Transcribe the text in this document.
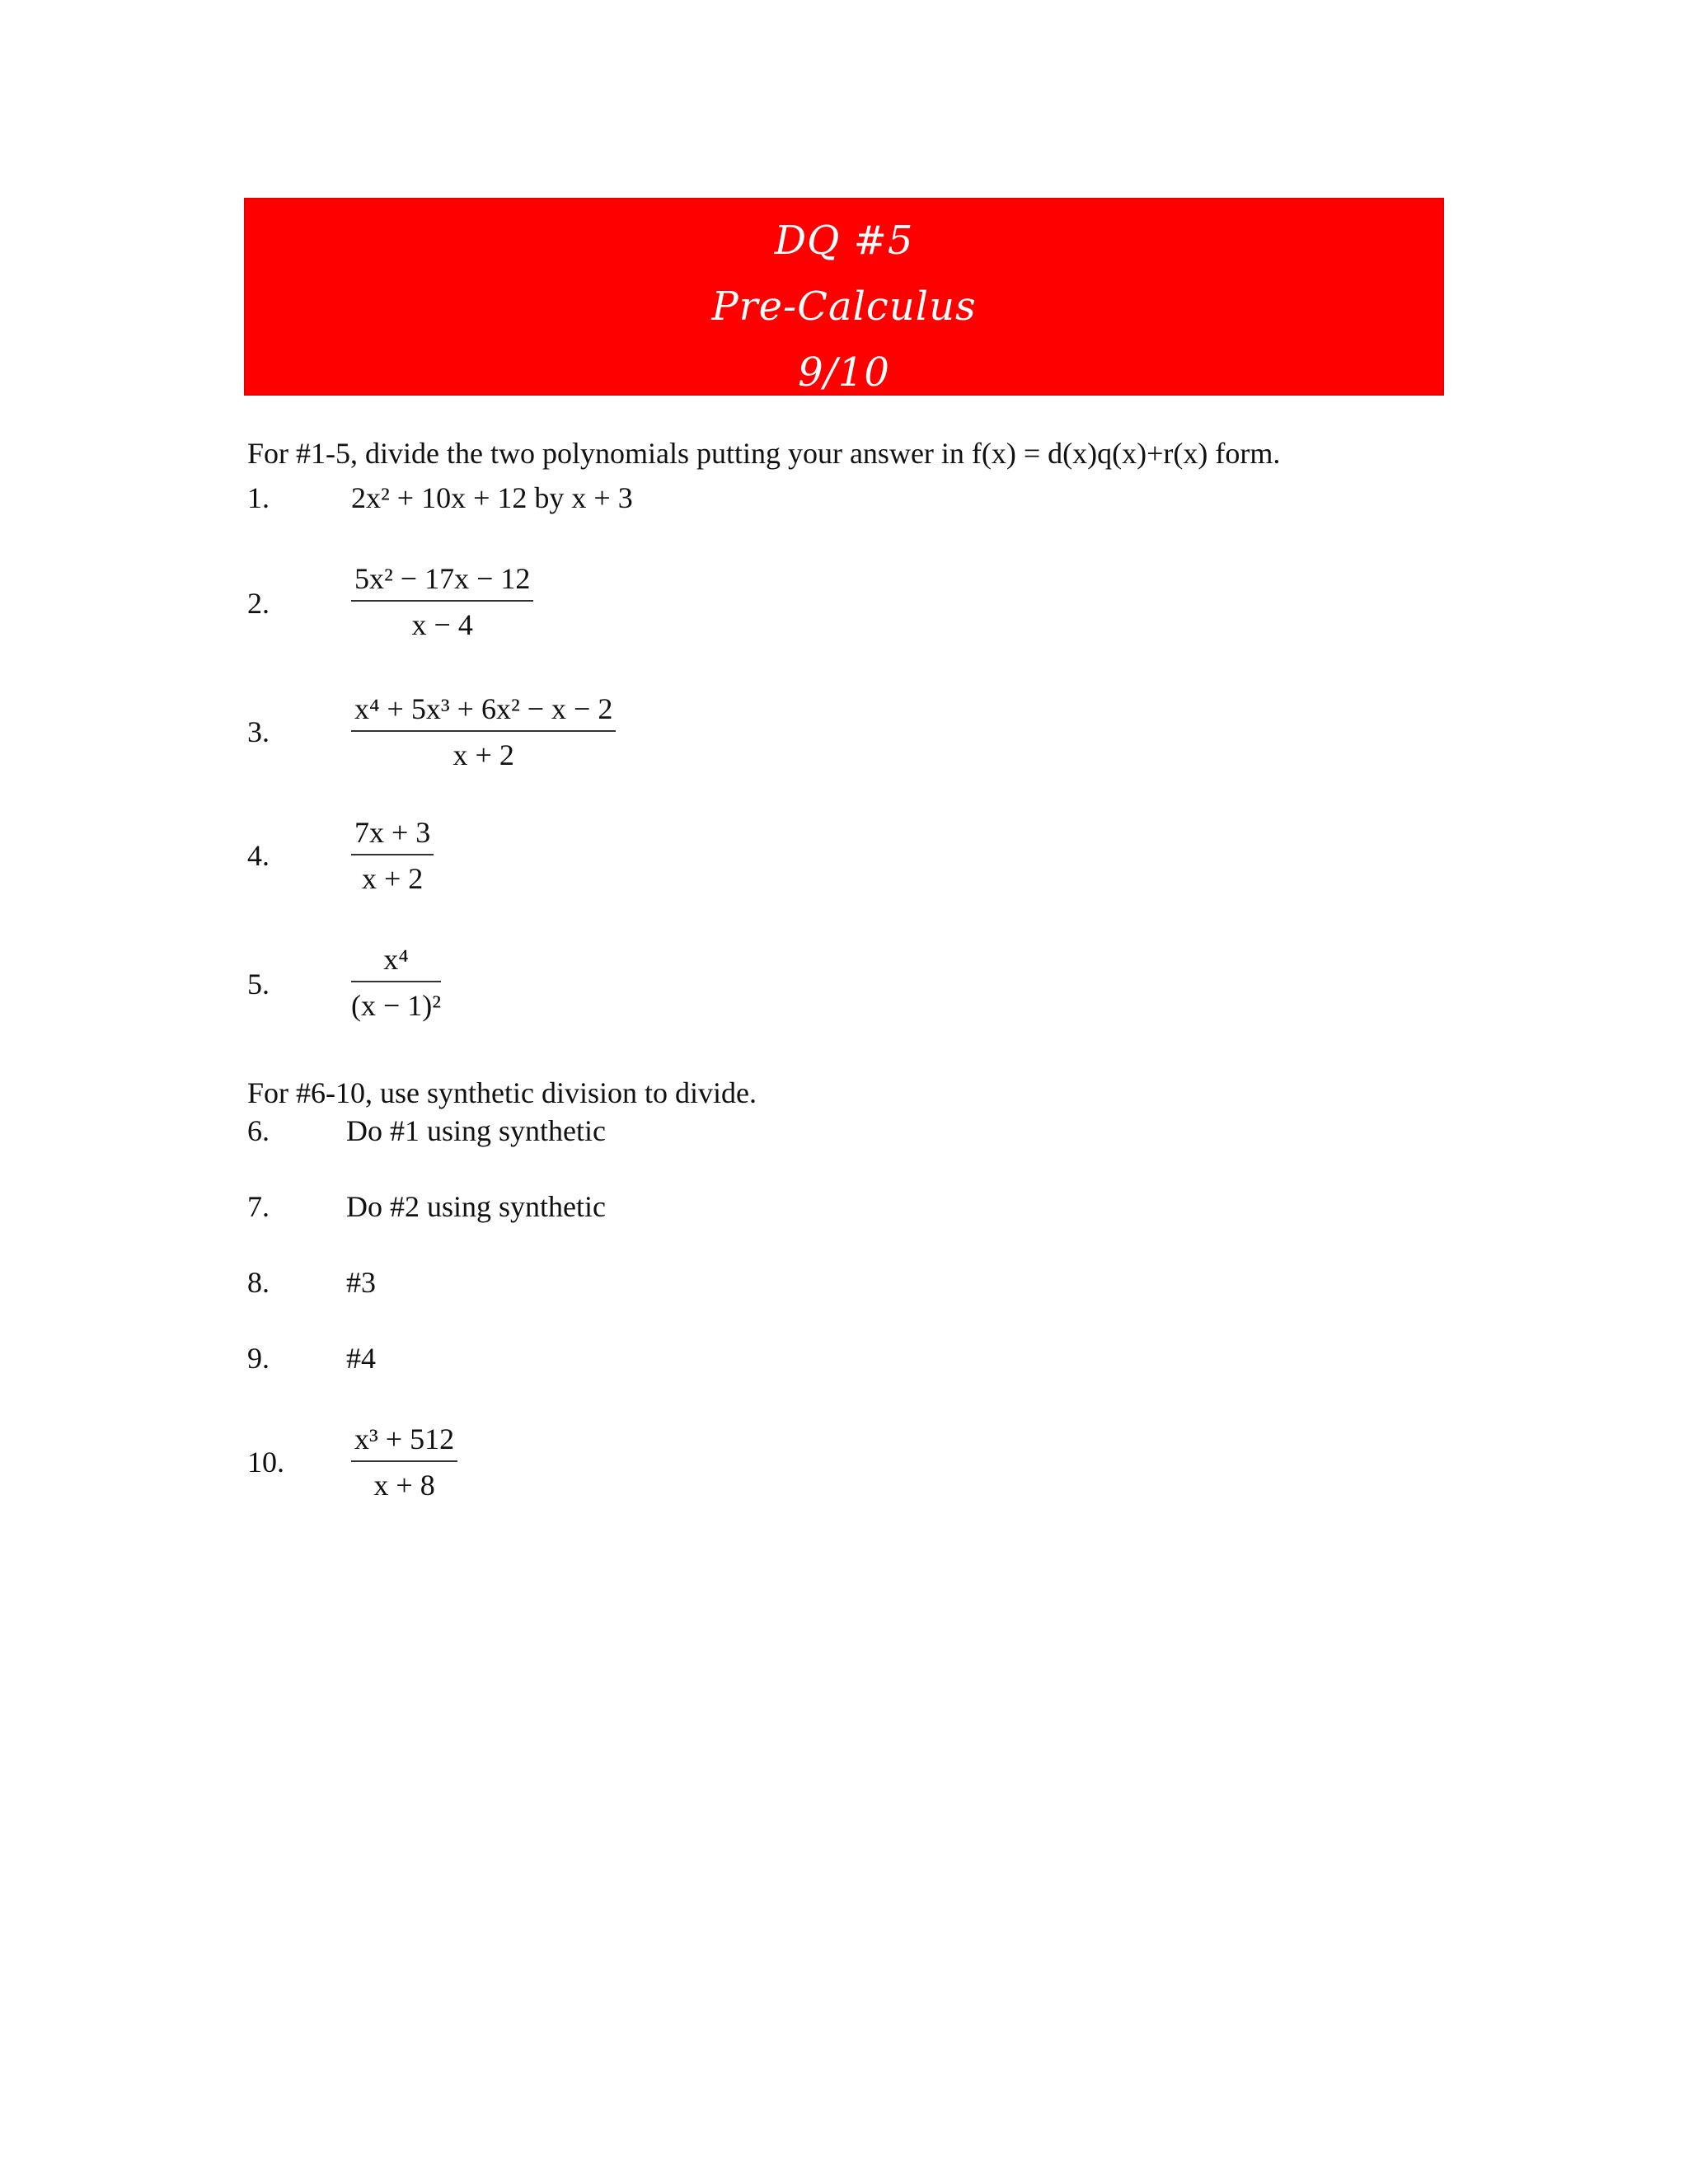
DQ #5
Pre-Calculus
9/10
For #1-5, divide the two polynomials putting your answer in f(x) = d(x)q(x)+r(x) form.
1.	2x² + 10x + 12 by x + 3
2.
5x² − 17x − 12
x − 4
3.
x⁴ + 5x³ + 6x² − x − 2
x + 2
4.
7x + 3
x + 2
5.
x⁴
(x − 1)²
For #6-10, use synthetic division to divide.
6.	Do #1 using synthetic
7.	Do #2 using synthetic
8.	#3
9.	#4
10.
x³ + 512
x + 8
